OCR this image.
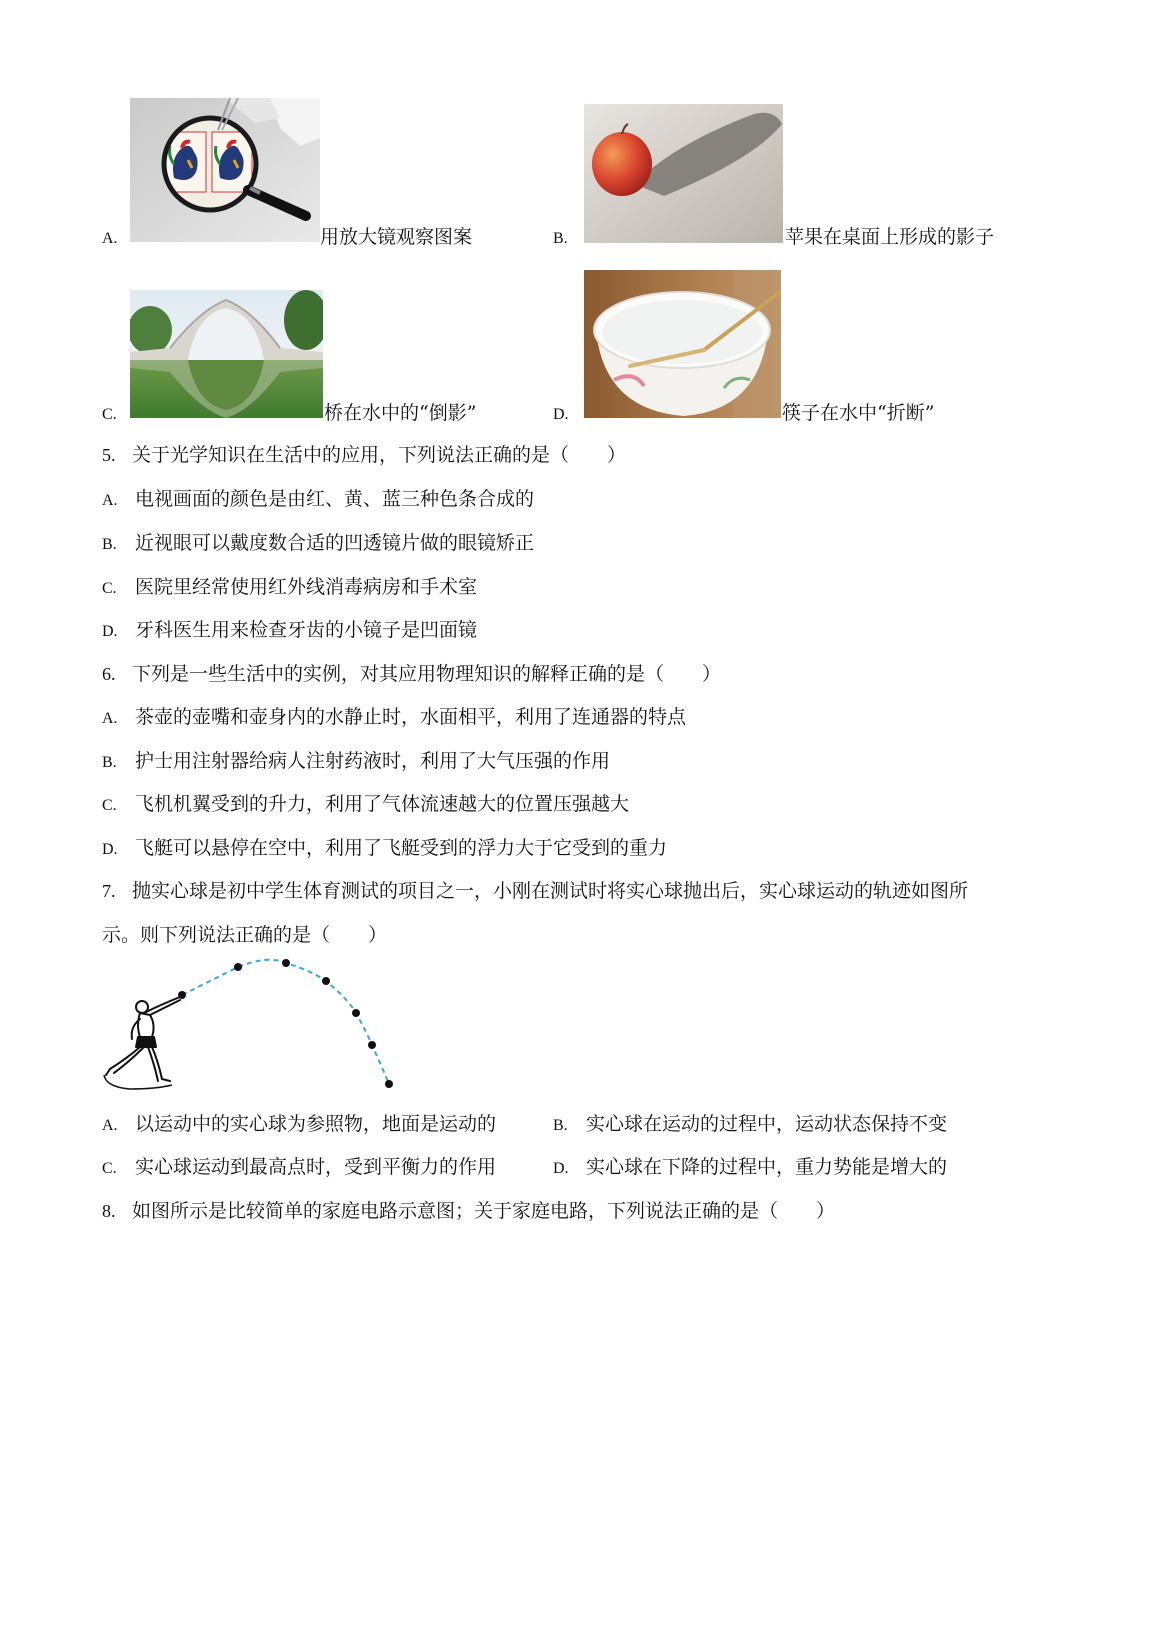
A.	用放大镜观察图案	B.	苹果在桌面上形成的影子
C.	桥在水中的“倒影”	D.	筷子在水中“折断”
5. 关于光学知识在生活中的应用，下列说法正确的是（　　）
A. 电视画面的颜色是由红、黄、蓝三种色条合成的
B. 近视眼可以戴度数合适的凹透镜片做的眼镜矫正
C. 医院里经常使用红外线消毒病房和手术室
D. 牙科医生用来检查牙齿的小镜子是凹面镜
6. 下列是一些生活中的实例，对其应用物理知识的解释正确的是（　　）
A. 茶壶的壶嘴和壶身内的水静止时，水面相平，利用了连通器的特点
B. 护士用注射器给病人注射药液时，利用了大气压强的作用
C. 飞机机翼受到的升力，利用了气体流速越大的位置压强越大
D. 飞艇可以悬停在空中，利用了飞艇受到的浮力大于它受到的重力
7. 抛实心球是初中学生体育测试的项目之一，小刚在测试时将实心球抛出后，实心球运动的轨迹如图所
示。则下列说法正确的是（　　）
A. 以运动中的实心球为参照物，地面是运动的	B. 实心球在运动的过程中，运动状态保持不变
C. 实心球运动到最高点时，受到平衡力的作用	D. 实心球在下降的过程中，重力势能是增大的
8. 如图所示是比较简单的家庭电路示意图；关于家庭电路，下列说法正确的是（　　）
